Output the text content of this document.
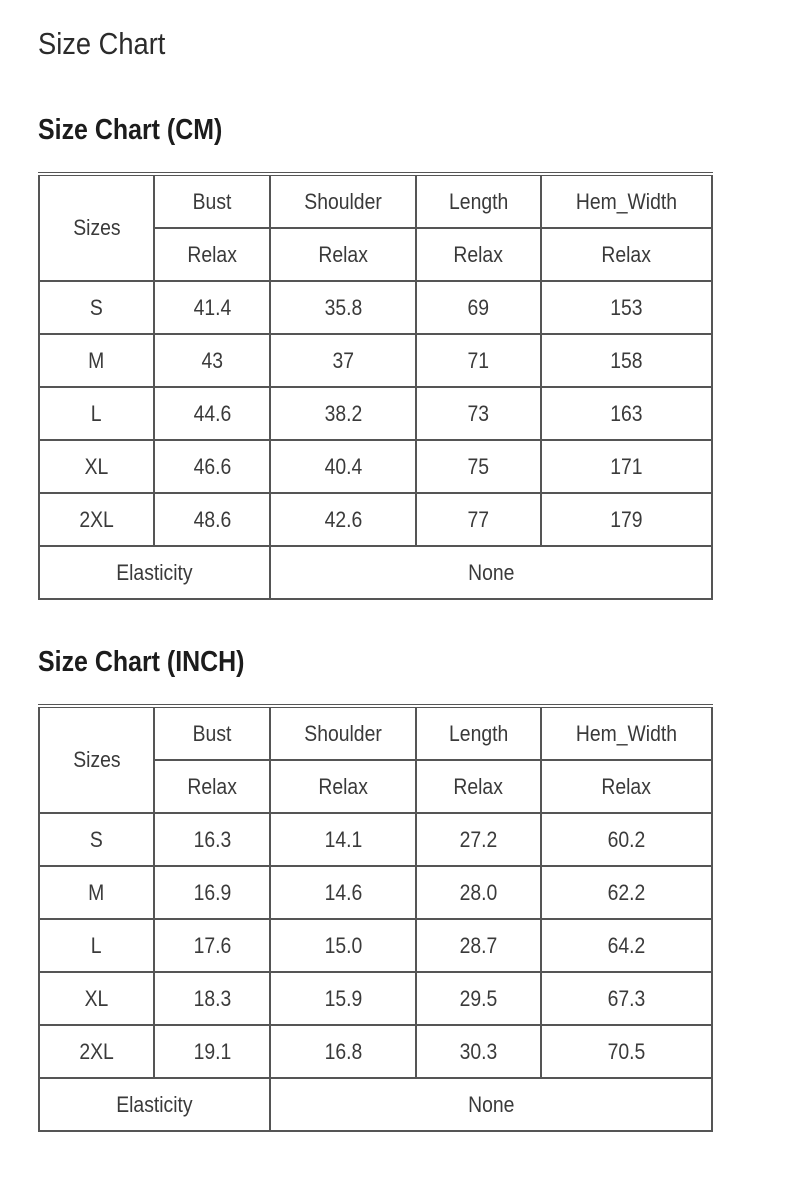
Size Chart
Size Chart (CM)
Sizes	Bust	Shoulder	Length	Hem_Width
	Relax	Relax	Relax	Relax
S	41.4	35.8	69	153
M	43	37	71	158
L	44.6	38.2	73	163
XL	46.6	40.4	75	171
2XL	48.6	42.6	77	179
Elasticity		None		
Size Chart (INCH)
Sizes	Bust	Shoulder	Length	Hem_Width
	Relax	Relax	Relax	Relax
S	16.3	14.1	27.2	60.2
M	16.9	14.6	28.0	62.2
L	17.6	15.0	28.7	64.2
XL	18.3	15.9	29.5	67.3
2XL	19.1	16.8	30.3	70.5
Elasticity		None		
